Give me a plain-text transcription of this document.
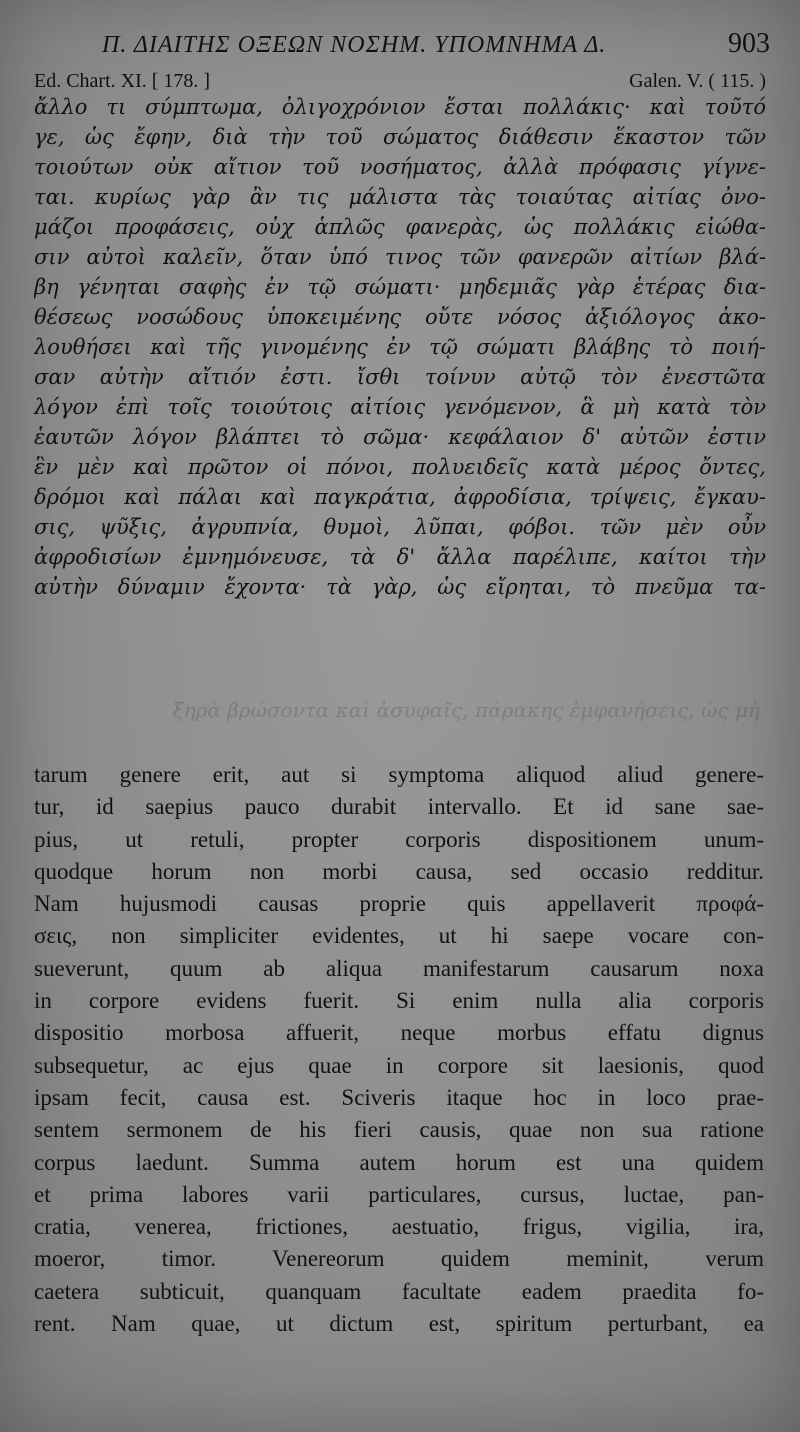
Π. ΔΙΑΙΤΗΣ ΟΞΕΩΝ ΝΟΣΗΜ. ΥΠΟΜΝΗΜΑ Δ.	903
Ed. Chart. XI. [ 178. ]	Galen. V. ( 115. )
ἄλλο τι σύμπτωμα, ὀλιγοχρόνιον ἔσται πολλάκις· καὶ τοῦτό
γε, ὡς ἔφην, διὰ τὴν τοῦ σώματος διάθεσιν ἕκαστον τῶν
τοιούτων οὐκ αἴτιον τοῦ νοσήματος, ἀλλὰ πρόφασις γίγνε-
ται. κυρίως γὰρ ἂν τις μάλιστα τὰς τοιαύτας αἰτίας ὀνο-
μάζοι προφάσεις, οὐχ ἁπλῶς φανερὰς, ὡς πολλάκις εἰώθα-
σιν αὐτοὶ καλεῖν, ὅταν ὑπό τινος τῶν φανερῶν αἰτίων βλά-
βη γένηται σαφὴς ἐν τῷ σώματι· μηδεμιᾶς γὰρ ἑτέρας δια-
θέσεως νοσώδους ὑποκειμένης οὔτε νόσος ἀξιόλογος ἀκο-
λουθήσει καὶ τῆς γινομένης ἐν τῷ σώματι βλάβης τὸ ποιή-
σαν αὐτὴν αἴτιόν ἐστι. ἴσθι τοίνυν αὐτῷ τὸν ἐνεστῶτα
λόγον ἐπὶ τοῖς τοιούτοις αἰτίοις γενόμενον, ἃ μὴ κατὰ τὸν
ἑαυτῶν λόγον βλάπτει τὸ σῶμα· κεφάλαιον δ' αὐτῶν ἐστιν
ἓν μὲν καὶ πρῶτον οἱ πόνοι, πολυειδεῖς κατὰ μέρος ὄντες,
δρόμοι καὶ πάλαι καὶ παγκράτια, ἀφροδίσια, τρίψεις, ἔγκαυ-
σις, ψῦξις, ἀγρυπνία, θυμοὶ, λῦπαι, φόβοι. τῶν μὲν οὖν
ἀφροδισίων ἐμνημόνευσε, τὰ δ' ἄλλα παρέλιπε, καίτοι τὴν
αὐτὴν δύναμιν ἔχοντα· τὰ γὰρ, ὡς εἴρηται, τὸ πνεῦμα τα-
ξηρὰ βρώσοντα καὶ ἀσυφαῖς, πάρακης ἐμφανήσεις, ὡς μὴ
tarum genere erit, aut si symptoma aliquod aliud genere-
tur, id saepius pauco durabit intervallo. Et id sane sae-
pius, ut retuli, propter corporis dispositionem unum-
quodque horum non morbi causa, sed occasio redditur.
Nam hujusmodi causas proprie quis appellaverit προφά-
σεις, non simpliciter evidentes, ut hi saepe vocare con-
sueverunt, quum ab aliqua manifestarum causarum noxa
in corpore evidens fuerit. Si enim nulla alia corporis
dispositio morbosa affuerit, neque morbus effatu dignus
subsequetur, ac ejus quae in corpore sit laesionis, quod
ipsam fecit, causa est. Sciveris itaque hoc in loco prae-
sentem sermonem de his fieri causis, quae non sua ratione
corpus laedunt. Summa autem horum est una quidem
et prima labores varii particulares, cursus, luctae, pan-
cratia, venerea, frictiones, aestuatio, frigus, vigilia, ira,
moeror, timor. Venereorum quidem meminit, verum
caetera subticuit, quanquam facultate eadem praedita fo-
rent. Nam quae, ut dictum est, spiritum perturbant, ea
